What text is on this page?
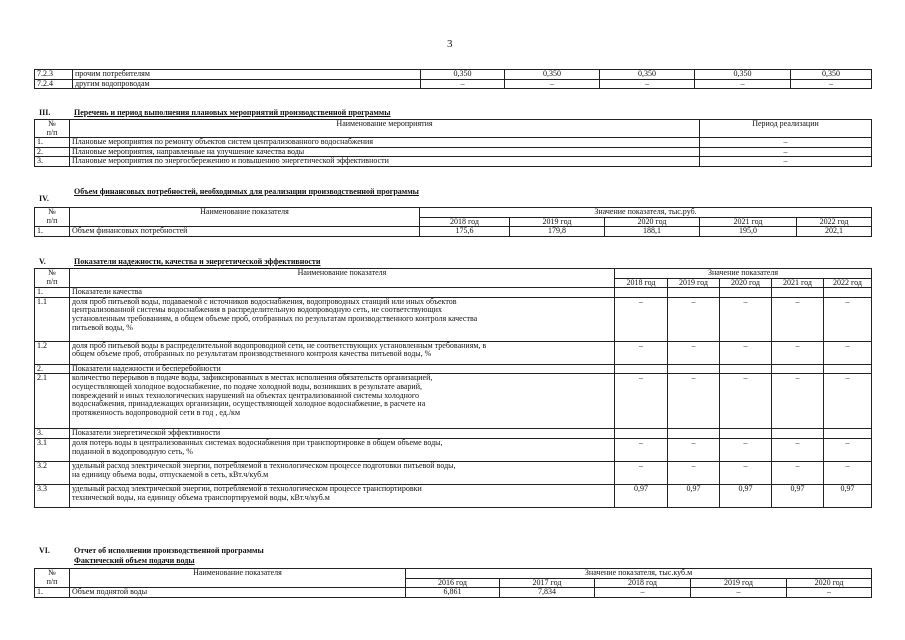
3
7.2.3	прочим потребителям	0,350	0,350	0,350	0,350	0,350
7.2.4	другим водопроводам	–	–	–	–	–
III.	Перечень и период выполнения плановых мероприятий производственной программы
№
п/п	Наименование мероприятия	Период реализации
1.	Плановые мероприятия по ремонту объектов систем централизованного водоснабжения	–
2.	Плановые мероприятия, направленные на улучшение качества воды	–
3.	Плановые мероприятия по энергосбережению и повышению энергетической эффективности	–
IV.
Объем финансовых потребностей, необходимых для реализации производственной программы
№
п/п	Наименование показателя	Значение показателя, тыс.руб.				
		2018 год	2019 год	2020 год	2021 год	2022 год
1.	Объем финансовых потребностей	175,6	179,8	188,1	195,0	202,1
V.	Показатели надежности, качества и энергетической эффективности
№
п/п	Наименование показателя	Значение показателя				
		2018 год	2019 год	2020 год	2021 год	2022 год
1.	Показатели качества					
1.1	доля проб питьевой воды, подаваемой с источников водоснабжения, водопроводных станций или иных объектов
централизованной системы водоснабжения в распределительную водопроводную сеть, не соответствующих
установленным требованиям, в общем объеме проб, отобранных по результатам производственного контроля качества
питьевой воды, %	–	–	–	–	–
1.2	доля проб питьевой воды в распределительной водопроводной сети, не соответствующих установленным требованиям, в
общем объеме проб, отобранных по результатам производственного контроля качества питьевой воды, %	–	–	–	–	–
2.	Показатели надежности и бесперебойности					
2.1	количество перерывов в подаче воды, зафиксированных в местах исполнения обязательств организацией,
осуществляющей холодное водоснабжение, по подаче холодной воды, возникших в результате аварий,
повреждений и иных технологических нарушений на объектах централизованной системы холодного
водоснабжения, принадлежащих организации, осуществляющей холодное водоснабжение, в расчете на
протяженность водопроводной сети в год , ед./км	–	–	–	–	–
3.	Показатели энергетической эффективности					
3.1	доля потерь воды в централизованных системах водоснабжения при транспортировке в общем объеме воды,
поданной в водопроводную сеть, %	–	–	–	–	–
3.2	удельный расход электрической энергии, потребляемой в технологическом процессе подготовки питьевой воды,
на единицу объема воды, отпускаемой в сеть, кВт.ч/куб.м	–	–	–	–	–
3.3	удельный расход электрической энергии, потребляемой в технологическом процессе транспортировки
технической воды, на единицу объема транспортируемой воды, кВт.ч/куб.м	0,97	0,97	0,97	0,97	0,97
VI.	Отчет об исполнении производственной программы
Фактический объем подачи воды
№
п/п	Наименование показателя	Значение показателя, тыс.куб.м				
		2016 год	2017 год	2018 год	2019 год	2020 год
1.	Объем поднятой воды	6,861	7,834	–	–	–
